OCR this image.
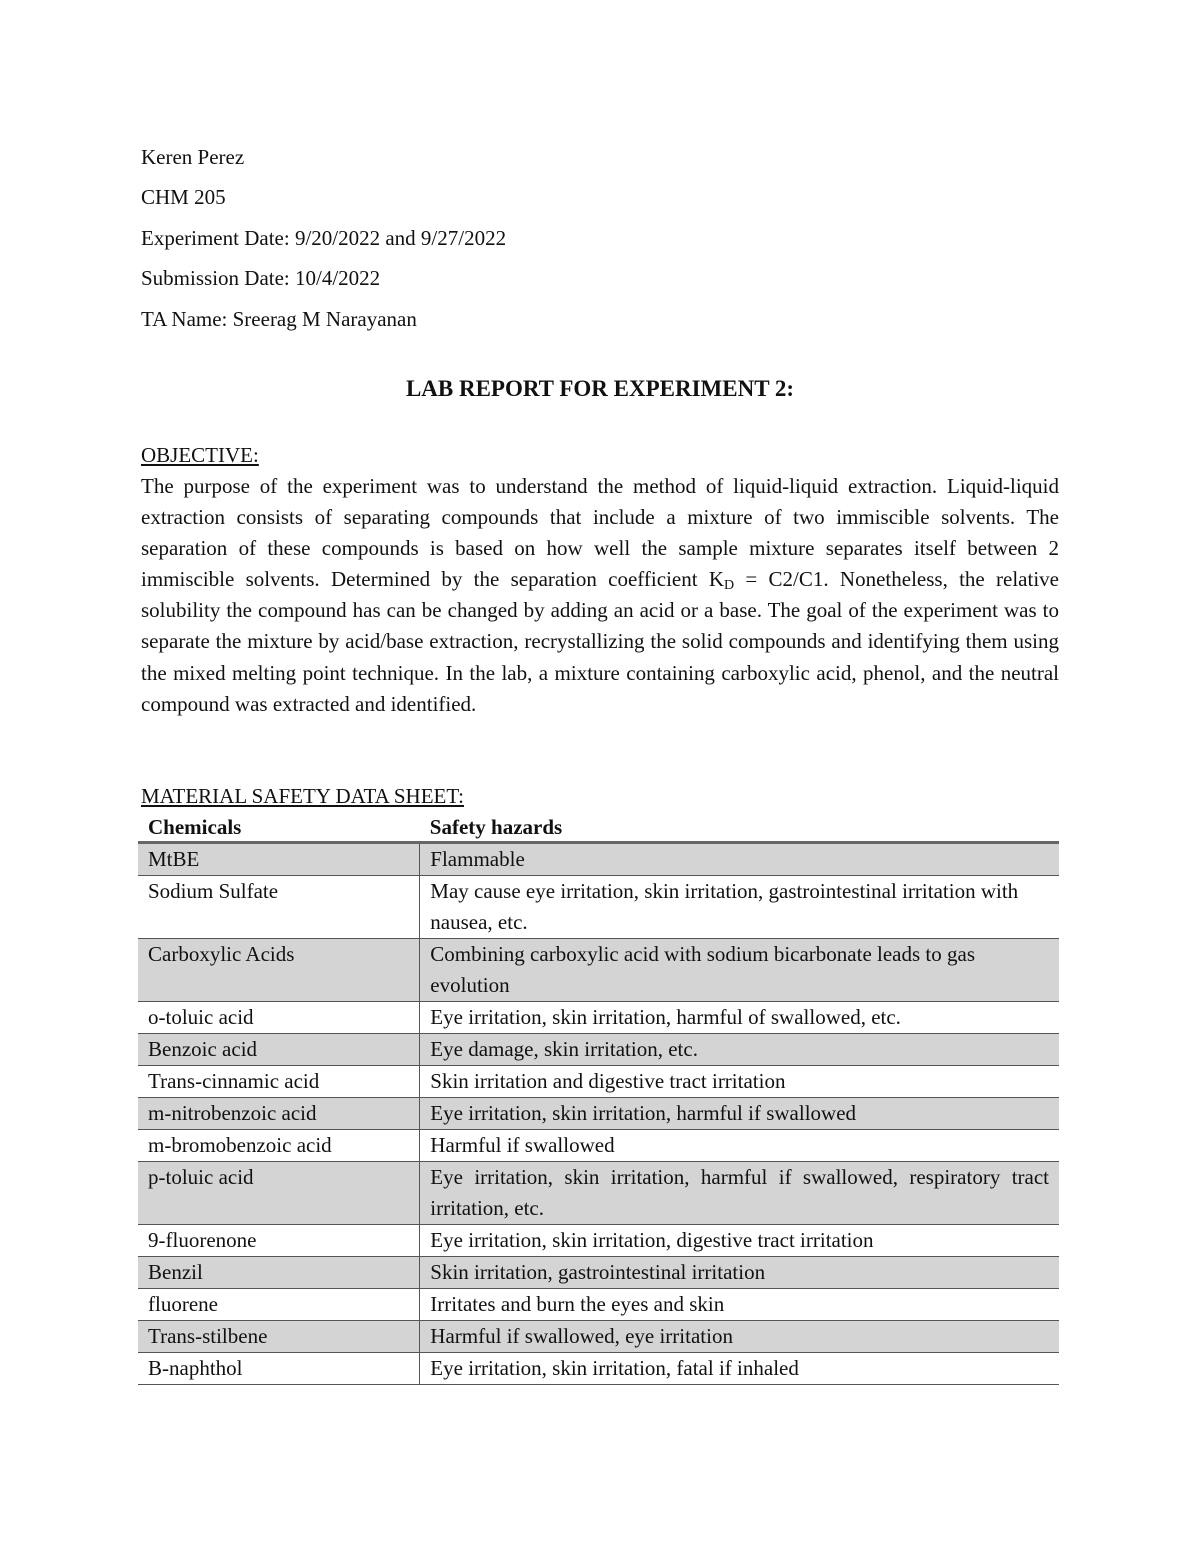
Keren Perez

CHM 205

Experiment Date: 9/20/2022 and 9/27/2022

Submission Date: 10/4/2022

TA Name: Sreerag M Narayanan

LAB REPORT FOR EXPERIMENT 2:

OBJECTIVE:

The purpose of the experiment was to understand the method of liquid-liquid extraction. Liquid-liquid extraction consists of separating compounds that include a mixture of two immiscible solvents. The separation of these compounds is based on how well the sample mixture separates itself between 2 immiscible solvents. Determined by the separation coefficient $K_D = C2/C1$. Nonetheless, the relative solubility the compound has can be changed by adding an acid or a base. The goal of the experiment was to separate the mixture by acid/base extraction, recrystallizing the solid compounds and identifying them using the mixed melting point technique. In the lab, a mixture containing carboxylic acid, phenol, and the neutral compound was extracted and identified.

MATERIAL SAFETY DATA SHEET:

Chemicals	Safety hazards
MtBE	Flammable
Sodium Sulfate	May cause eye irritation, skin irritation, gastrointestinal irritation with nausea, etc.
Carboxylic Acids	Combining carboxylic acid with sodium bicarbonate leads to gas evolution
o-toluic acid	Eye irritation, skin irritation, harmful of swallowed, etc.
Benzoic acid	Eye damage, skin irritation, etc.
Trans-cinnamic acid	Skin irritation and digestive tract irritation
m-nitrobenzoic acid	Eye irritation, skin irritation, harmful if swallowed
m-bromobenzoic acid	Harmful if swallowed
p-toluic acid	Eye irritation, skin irritation, harmful if swallowed, respiratory tract irritation, etc.
9-fluorenone	Eye irritation, skin irritation, digestive tract irritation
Benzil	Skin irritation, gastrointestinal irritation
fluorene	Irritates and burn the eyes and skin
Trans-stilbene	Harmful if swallowed, eye irritation
B-naphthol	Eye irritation, skin irritation, fatal if inhaled
